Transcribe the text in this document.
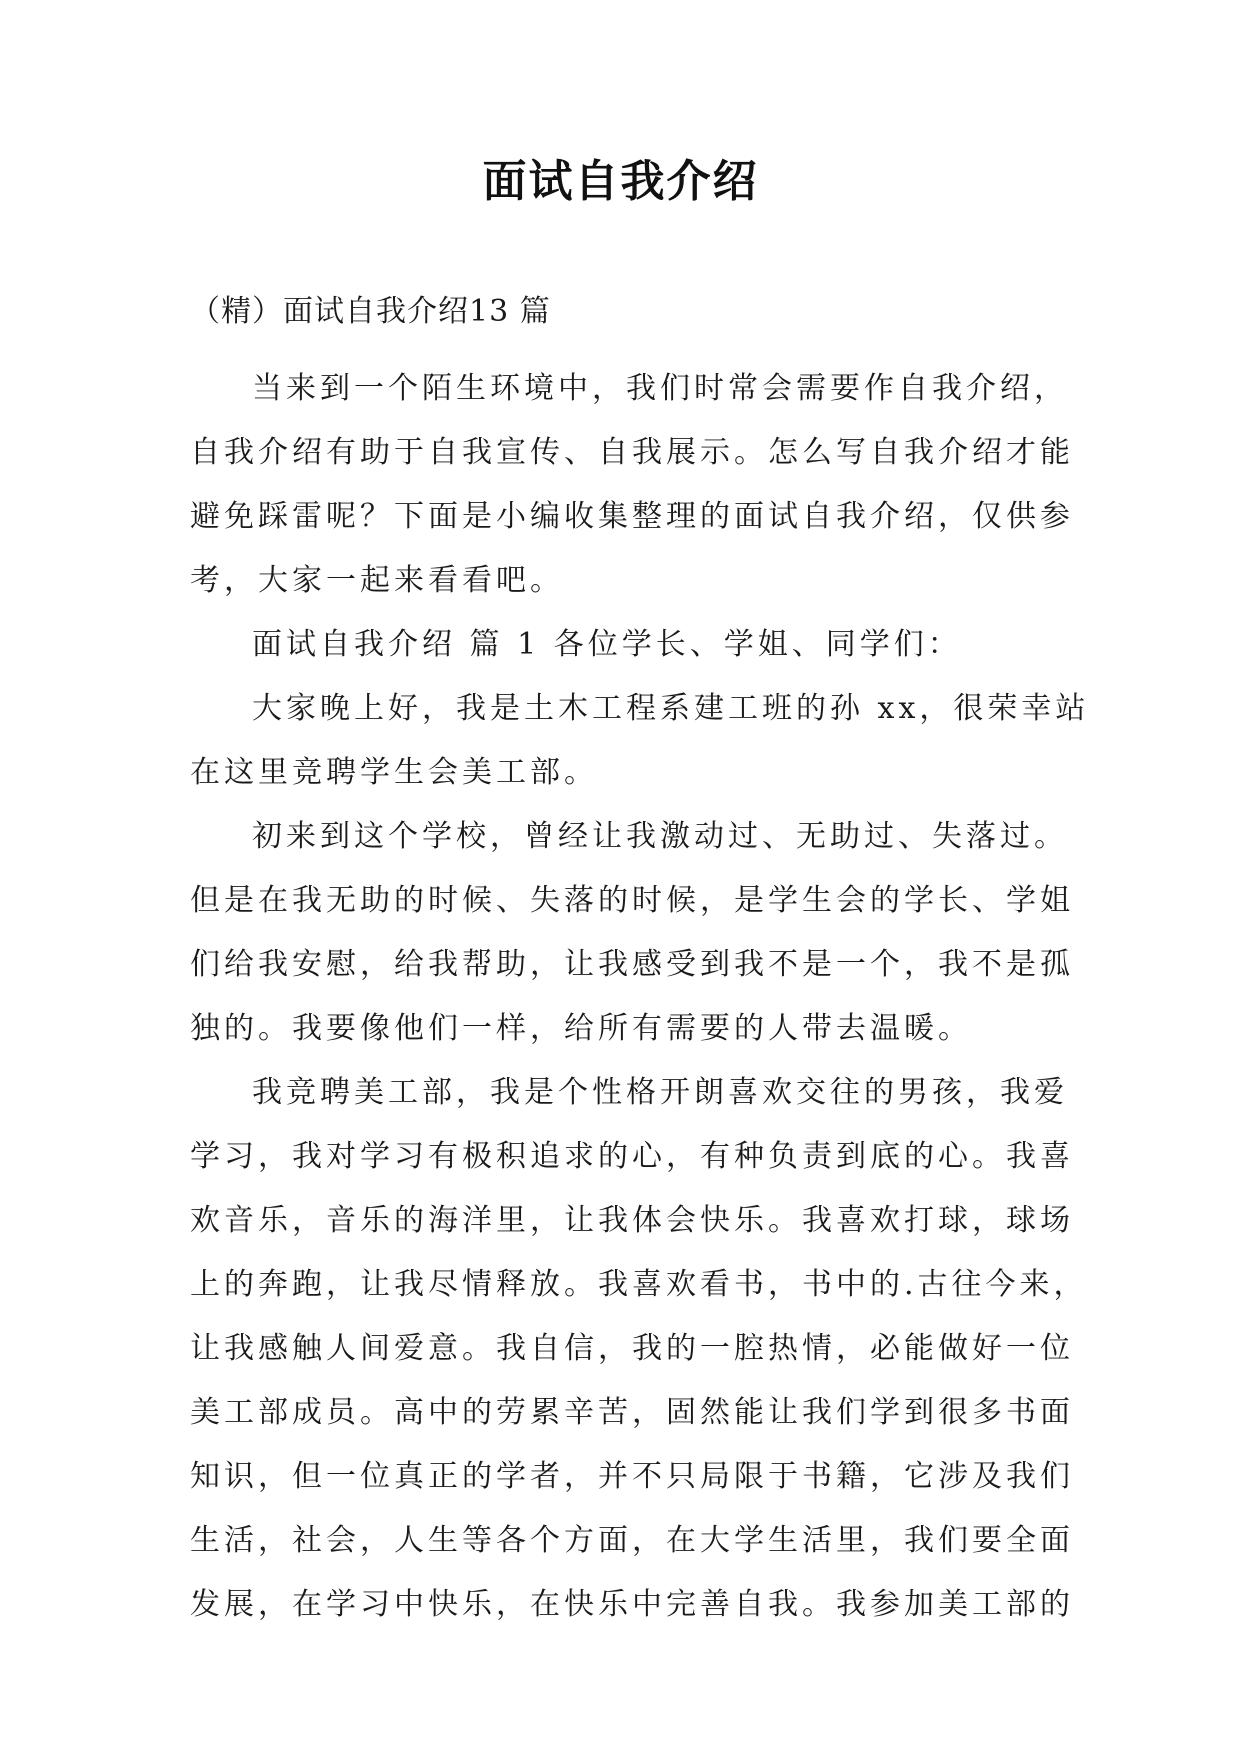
面试自我介绍
（精）面试自我介绍13 篇
当来到一个陌生环境中，我们时常会需要作自我介绍，
自我介绍有助于自我宣传、自我展示。怎么写自我介绍才能
避免踩雷呢？下面是小编收集整理的面试自我介绍，仅供参
考，大家一起来看看吧。
面试自我介绍 篇 1 各位学长、学姐、同学们：
大家晚上好，我是土木工程系建工班的孙 xx，很荣幸站
在这里竞聘学生会美工部。
初来到这个学校，曾经让我激动过、无助过、失落过。
但是在我无助的时候、失落的时候，是学生会的学长、学姐
们给我安慰，给我帮助，让我感受到我不是一个，我不是孤
独的。我要像他们一样，给所有需要的人带去温暖。
我竞聘美工部，我是个性格开朗喜欢交往的男孩，我爱
学习，我对学习有极积追求的心，有种负责到底的心。我喜
欢音乐，音乐的海洋里，让我体会快乐。我喜欢打球，球场
上的奔跑，让我尽情释放。我喜欢看书，书中的.古往今来，
让我感触人间爱意。我自信，我的一腔热情，必能做好一位
美工部成员。高中的劳累辛苦，固然能让我们学到很多书面
知识，但一位真正的学者，并不只局限于书籍，它涉及我们
生活，社会，人生等各个方面，在大学生活里，我们要全面
发展，在学习中快乐，在快乐中完善自我。我参加美工部的
